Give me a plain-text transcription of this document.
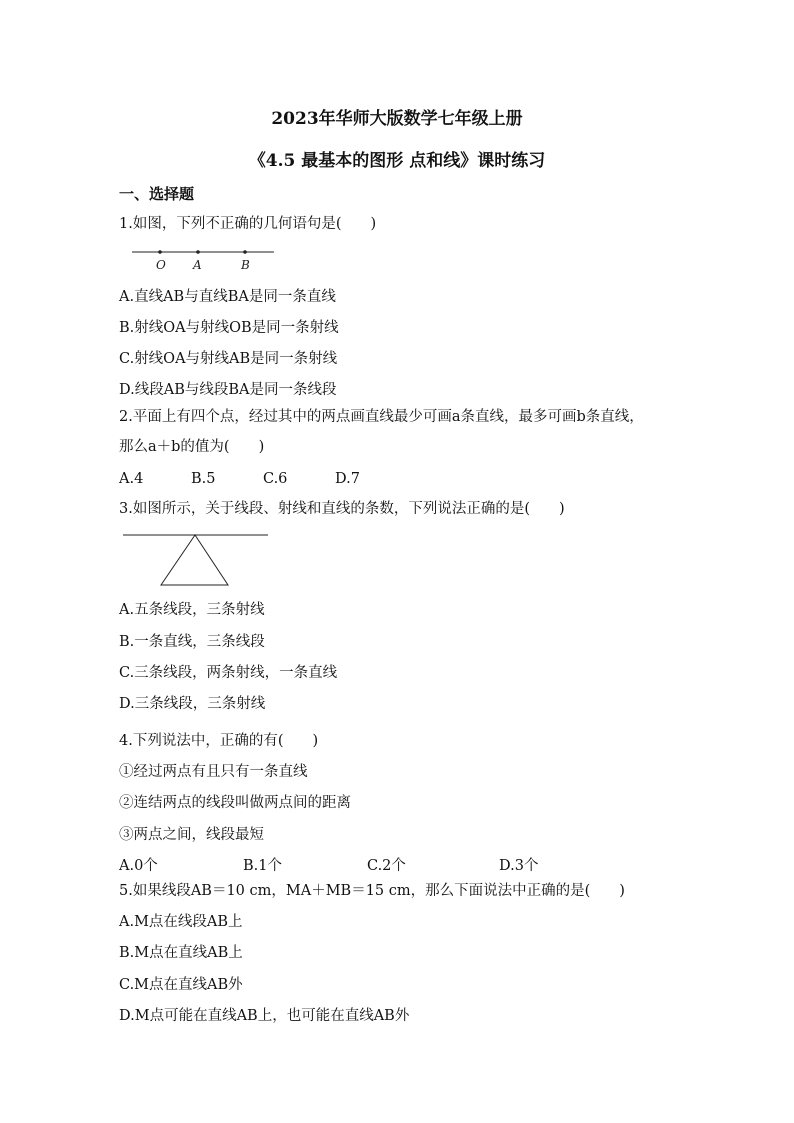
2023年华师大版数学七年级上册
《4.5 最基本的图形 点和线》课时练习
一、选择题
1.如图，下列不正确的几何语句是(　　)
O A	B
A.直线AB与直线BA是同一条直线
B.射线OA与射线OB是同一条射线
C.射线OA与射线AB是同一条射线
D.线段AB与线段BA是同一条线段
2.平面上有四个点，经过其中的两点画直线最少可画a条直线，最多可画b条直线，
那么a＋b的值为(　　)
A.4	B.5	C.6	D.7
3.如图所示，关于线段、射线和直线的条数，下列说法正确的是(　　)
A.五条线段，三条射线
B.一条直线，三条线段
C.三条线段，两条射线，一条直线
D.三条线段，三条射线
4.下列说法中，正确的有(　　)
①经过两点有且只有一条直线
②连结两点的线段叫做两点间的距离
③两点之间，线段最短
A.0个	B.1个	C.2个	D.3个
5.如果线段AB＝10 cm，MA＋MB＝15 cm，那么下面说法中正确的是(　　)
A.M点在线段AB上
B.M点在直线AB上
C.M点在直线AB外
D.M点可能在直线AB上，也可能在直线AB外
